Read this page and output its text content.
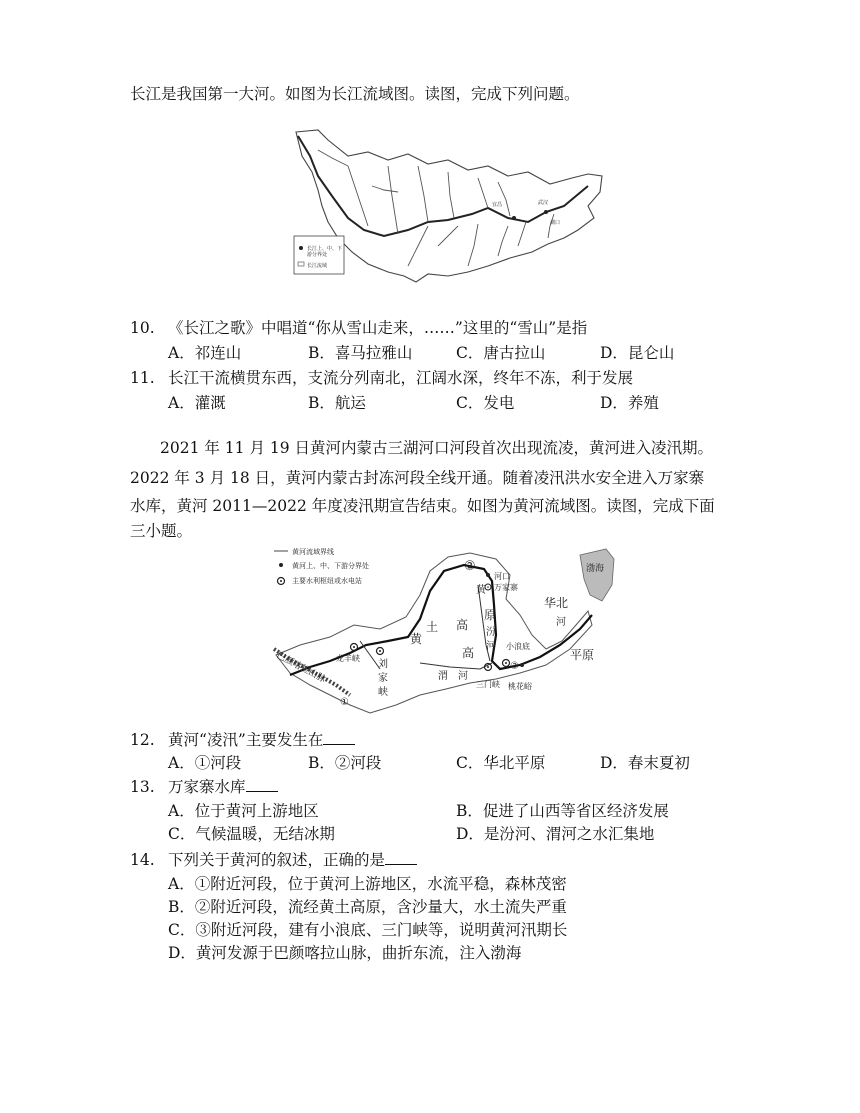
长江是我国第一大河。如图为长江流域图。读图，完成下列问题。
长江上、中、下
游分界处
长江流域
宜昌	武汉
湖口
10. 《长江之歌》中唱道“你从雪山走来，……”这里的“雪山”是指
A．祁连山	B．喜马拉雅山	C．唐古拉山	D．昆仑山
11. 长江干流横贯东西，支流分列南北，江阔水深，终年不冻，利于发展
A．灌溉	B．航运	C．发电	D．养殖
2021 年 11 月 19 日黄河内蒙古三湖河口河段首次出现流凌，黄河进入凌汛期。
2022 年 3 月 18 日，黄河内蒙古封冻河段全线开通。随着凌汛洪水安全进入万家寨
水库，黄河 2011—2022 年度凌汛期宣告结束。如图为黄河流域图。读图，完成下面
三小题。
黄河流域界线
黄河上、中、下游分界处
主要水利枢纽或水电站
渤海
②
河口
万家寨
黄
华北
河
平原
黄
土 高
原
汾
河
渭 河
高	小浪底
三门峡
③
桃花峪
龙羊峡
刘
家
峡
巴颜喀拉山脉
①
12. 黄河“凌汛”主要发生在
A．①河段	B．②河段	C．华北平原	D．春末夏初
13. 万家寨水库
A．位于黄河上游地区	B．促进了山西等省区经济发展
C．气候温暖，无结冰期	D．是汾河、渭河之水汇集地
14. 下列关于黄河的叙述，正确的是
A．①附近河段，位于黄河上游地区，水流平稳，森林茂密
B．②附近河段，流经黄土高原，含沙量大，水土流失严重
C．③附近河段，建有小浪底、三门峡等，说明黄河汛期长
D．黄河发源于巴颜喀拉山脉，曲折东流，注入渤海
